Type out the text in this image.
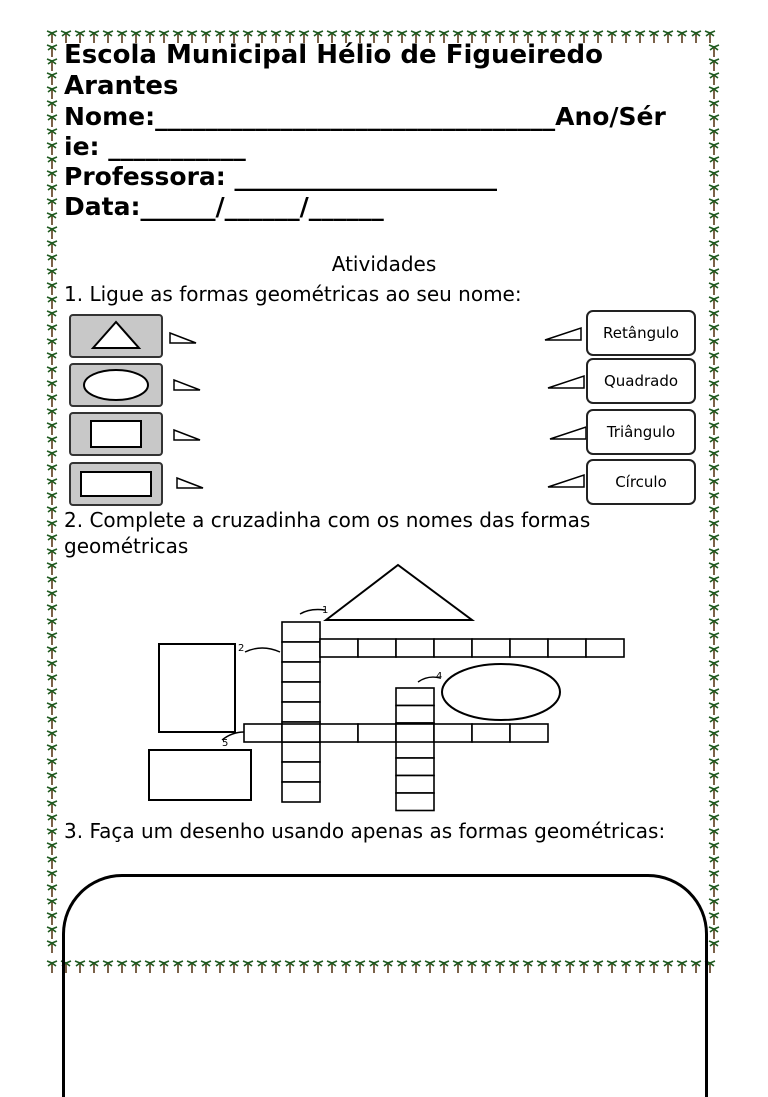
Escola Municipal Hélio de Figueiredo Arantes

Nome:________________________________Ano/Sér
ie: ___________
Professora: _____________________
Data:______/______/______
Atividades

1. Ligue as formas geométricas ao seu nome:

Retângulo
Quadrado
Triângulo
Círculo

2. Complete a cruzadinha com os nomes das formas geométricas

1
2
4
5

3. Faça um desenho usando apenas as formas geométricas:
